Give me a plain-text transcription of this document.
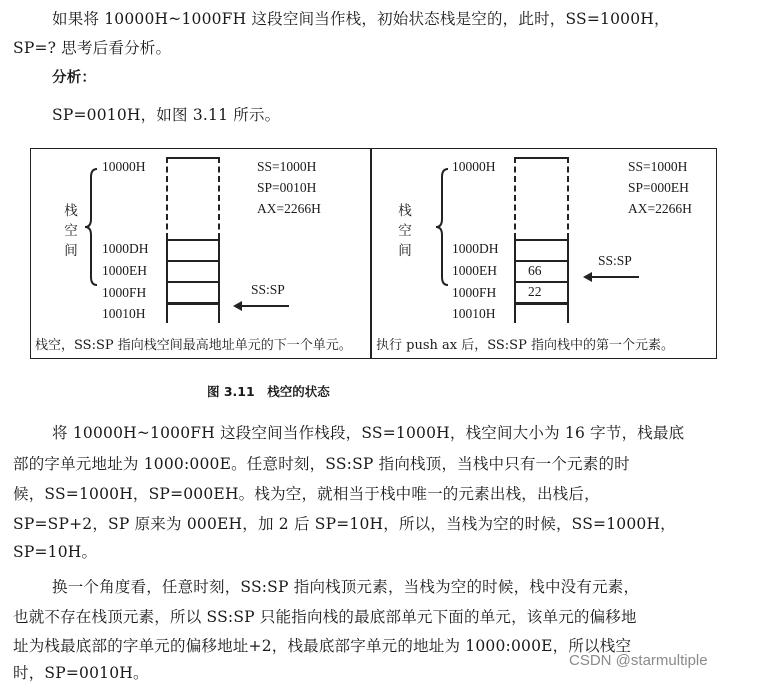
如果将 10000H~1000FH 这段空间当作栈，初始状态栈是空的，此时，SS=1000H，
SP=? 思考后看分析。
分析：
SP=0010H，如图 3.11 所示。
栈
空
间
10000H
1000DH
1000EH
1000FH
10010H
SS=1000H
SP=0010H
AX=2266H
SS:SP
栈空，SS:SP 指向栈空间最高地址单元的下一个单元。
栈
空
间
10000H
1000DH
1000EH
1000FH
10010H
66
22
SS=1000H
SP=000EH
AX=2266H
SS:SP
执行 push ax 后，SS:SP 指向栈中的第一个元素。
图 3.11　栈空的状态
将 10000H~1000FH 这段空间当作栈段，SS=1000H，栈空间大小为 16 字节，栈最底
部的字单元地址为 1000:000E。任意时刻，SS:SP 指向栈顶，当栈中只有一个元素的时
候，SS=1000H，SP=000EH。栈为空，就相当于栈中唯一的元素出栈，出栈后，
SP=SP+2，SP 原来为 000EH，加 2 后 SP=10H，所以，当栈为空的时候，SS=1000H，
SP=10H。
换一个角度看，任意时刻，SS:SP 指向栈顶元素，当栈为空的时候，栈中没有元素，
也就不存在栈顶元素，所以 SS:SP 只能指向栈的最底部单元下面的单元，该单元的偏移地
址为栈最底部的字单元的偏移地址+2，栈最底部字单元的地址为 1000:000E，所以栈空
时，SP=0010H。
CSDN @starmultiple
